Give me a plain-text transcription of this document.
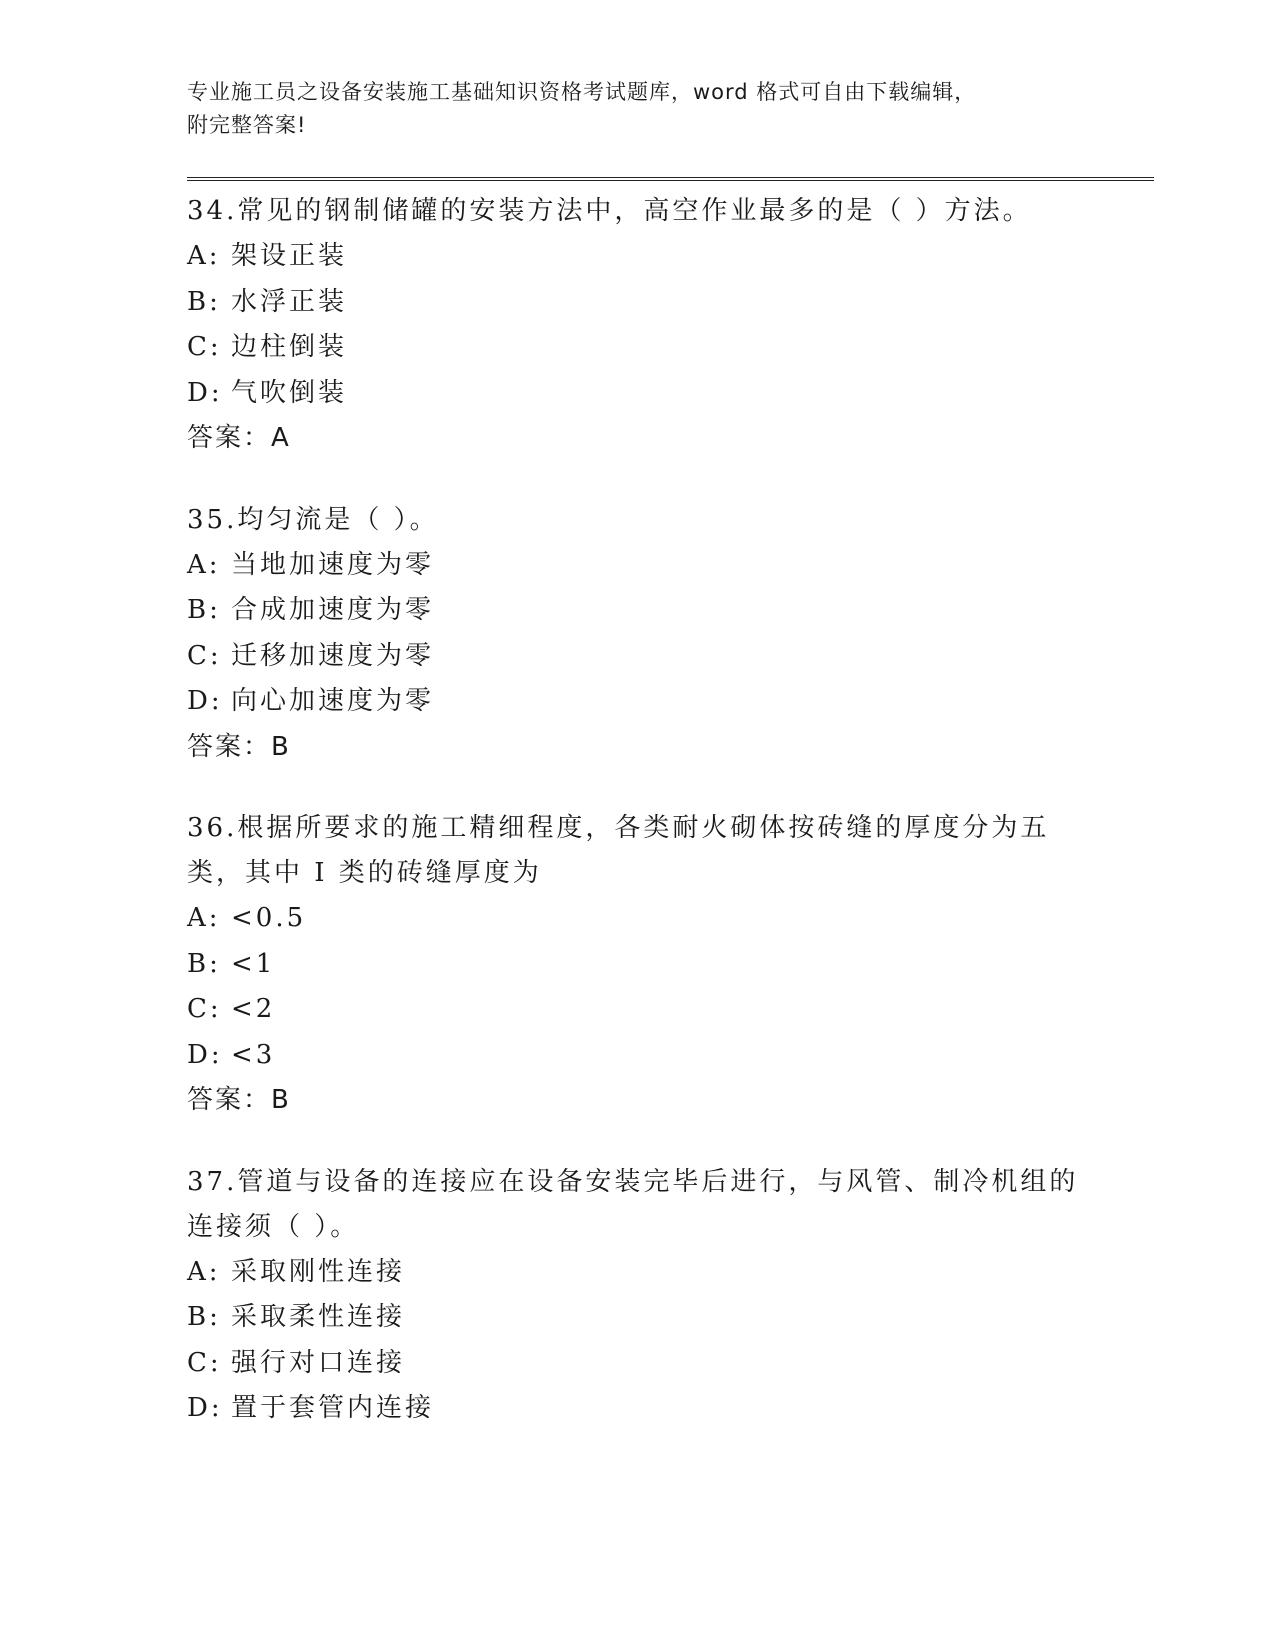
专业施工员之设备安装施工基础知识资格考试题库，word 格式可自由下载编辑，
附完整答案!

34.常见的钢制储罐的安装方法中，高空作业最多的是（ ）方法。

A: 架设正装

B: 水浮正装

C: 边柱倒装

D: 气吹倒装

答案：A

35.均匀流是（ ）。

A: 当地加速度为零

B: 合成加速度为零

C: 迁移加速度为零

D: 向心加速度为零

答案：B

36.根据所要求的施工精细程度，各类耐火砌体按砖缝的厚度分为五类，其中 I 类的砖缝厚度为

A: <0.5

B: <1

C: <2

D: <3

答案：B

37.管道与设备的连接应在设备安装完毕后进行，与风管、制冷机组的连接须（ ）。

A: 采取刚性连接

B: 采取柔性连接

C: 强行对口连接

D: 置于套管内连接
